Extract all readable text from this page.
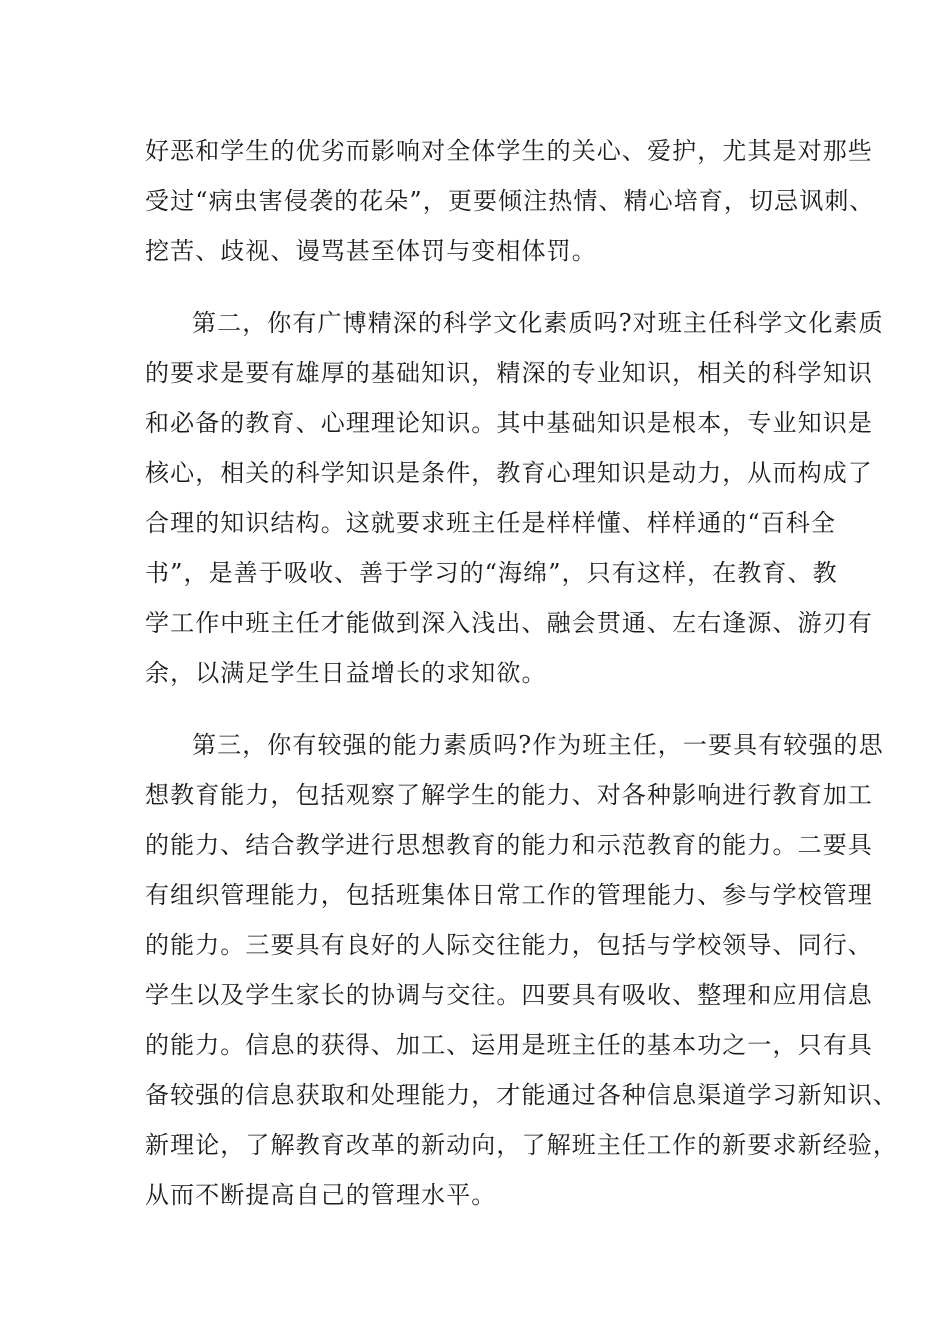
好恶和学生的优劣而影响对全体学生的关心、爱护，尤其是对那些
受过“病虫害侵袭的花朵”，更要倾注热情、精心培育，切忌讽刺、
挖苦、歧视、谩骂甚至体罚与变相体罚。
第二，你有广博精深的科学文化素质吗?对班主任科学文化素质
的要求是要有雄厚的基础知识，精深的专业知识，相关的科学知识
和必备的教育、心理理论知识。其中基础知识是根本，专业知识是
核心，相关的科学知识是条件，教育心理知识是动力，从而构成了
合理的知识结构。这就要求班主任是样样懂、样样通的“百科全
书”，是善于吸收、善于学习的“海绵”，只有这样，在教育、教
学工作中班主任才能做到深入浅出、融会贯通、左右逢源、游刃有
余，以满足学生日益增长的求知欲。
第三，你有较强的能力素质吗?作为班主任，一要具有较强的思
想教育能力，包括观察了解学生的能力、对各种影响进行教育加工
的能力、结合教学进行思想教育的能力和示范教育的能力。二要具
有组织管理能力，包括班集体日常工作的管理能力、参与学校管理
的能力。三要具有良好的人际交往能力，包括与学校领导、同行、
学生以及学生家长的协调与交往。四要具有吸收、整理和应用信息
的能力。信息的获得、加工、运用是班主任的基本功之一，只有具
备较强的信息获取和处理能力，才能通过各种信息渠道学习新知识、
新理论，了解教育改革的新动向，了解班主任工作的新要求新经验，
从而不断提高自己的管理水平。
